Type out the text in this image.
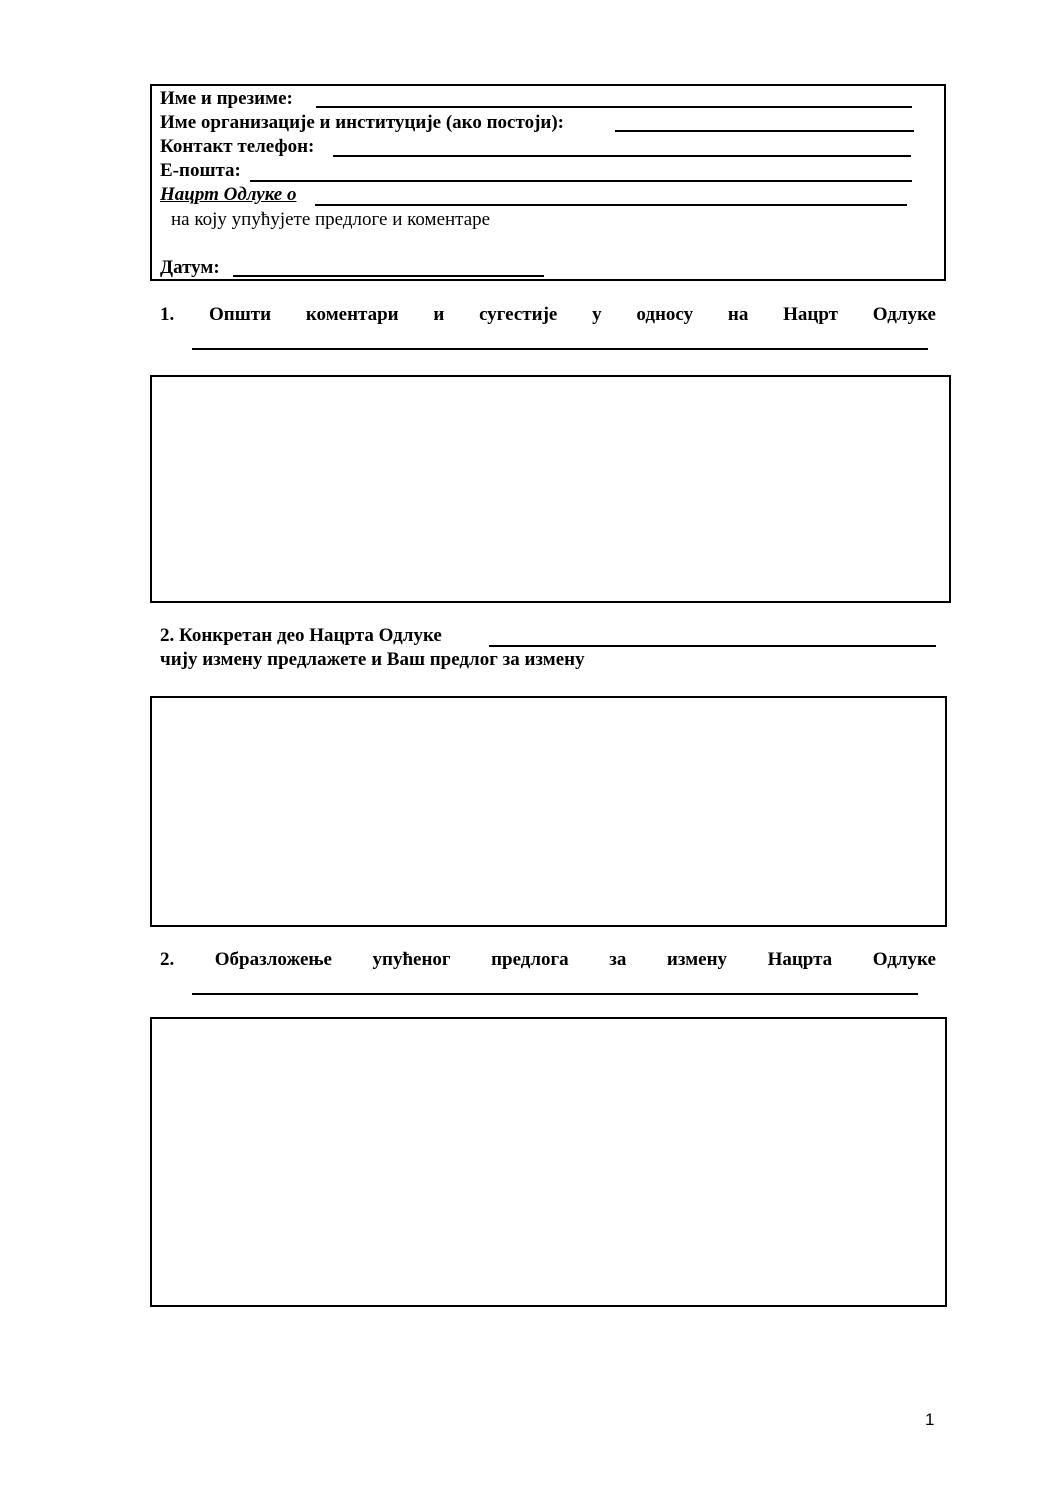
Име и презиме:
Име организације и институције (ако постоји):
Контакт телефон:
Е-пошта:
Нацрт Одлуке о
на коју упућујете предлоге и коментаре
Датум:
1. Општи коментари и сугестије у односу на Нацрт Одлуке
2. Конкретан део Нацрта Одлуке
чију измену предлажете и Ваш предлог за измену
2. Образложење упућеног предлога за измену Нацрта Одлуке
1
